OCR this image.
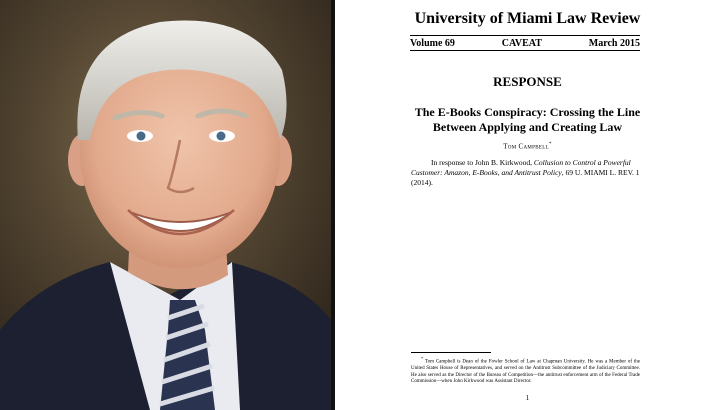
University of Miami Law Review
Volume 69	CAVEAT	March 2015
RESPONSE
The E-Books Conspiracy: Crossing the Line Between Applying and Creating Law
Tom Campbell*
In response to John B. Kirkwood, Collusion to Control a Powerful Customer: Amazon, E-Books, and Antitrust Policy, 69 U. MIAMI L. REV. 1 (2014).
* Tom Campbell is Dean of the Fowler School of Law at Chapman University. He was a Member of the United States House of Representatives, and served on the Antitrust Subcommittee of the Judiciary Committee. He also served as the Director of the Bureau of Competition—the antitrust enforcement arm of the Federal Trade Commission—when John Kirkwood was Assistant Director.
1
